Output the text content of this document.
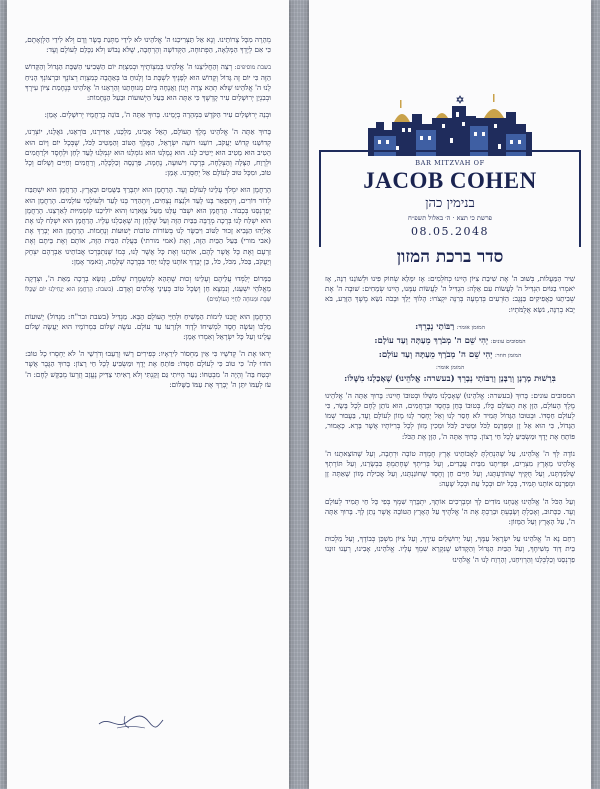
מְהֵרָה מִכָּל צָרוֹתֵינוּ. וְנָא אַל תַּצְרִיכֵנוּ ה' אֱלֹהֵינוּ לֹא לִידֵי מַתְּנַת בָּשָׂר וָדָם וְלֹא לִידֵי הַלְוָאָתָם, כִּי אִם לְיָדְךָ הַמְּלֵאָה, הַפְּתוּחָה, הַקְּדוֹשָׁה וְהָרְחָבָה, שֶׁלֹּא נֵבוֹשׁ וְלֹא נִכָּלֵם לְעוֹלָם וָעֶד:

בשבת מוסיפים: רְצֵה וְהַחֲלִיצֵנוּ ה' אֱלֹהֵינוּ בְּמִצְוֹתֶיךָ וּבְמִצְוַת יוֹם הַשְּׁבִיעִי הַשַּׁבָּת הַגָּדוֹל וְהַקָּדוֹשׁ הַזֶּה כִּי יוֹם זֶה גָּדוֹל וְקָדוֹשׁ הוּא לְפָנֶיךָ לִשְׁבָּת בּוֹ וְלָנוּחַ בּוֹ בְּאַהֲבָה כְּמִצְוַת רְצוֹנֶךָ וּבִרְצוֹנְךָ הָנִיחַ לָנוּ ה' אֱלֹהֵינוּ שֶׁלֹּא תְהֵא צָרָה וְיָגוֹן וַאֲנָחָה בְּיוֹם מְנוּחָתֵנוּ וְהַרְאֵנוּ ה' אֱלֹהֵינוּ בְּנֶחָמַת צִיּוֹן עִירֶךָ וּבְבִנְיַן יְרוּשָׁלַיִם עִיר קָדְשֶׁךָ כִּי אַתָּה הוּא בַּעַל הַיְשׁוּעוֹת וּבַעַל הַנֶּחָמוֹת:

וּבְנֵה יְרוּשָׁלַיִם עִיר הַקֹּדֶשׁ בִּמְהֵרָה בְיָמֵינוּ. בָּרוּךְ אַתָּה ה', בּוֹנֵה בְרַחֲמָיו יְרוּשָׁלָיִם. אָמֵן:

בָּרוּךְ אַתָּה ה' אֱלֹהֵינוּ מֶלֶךְ הָעוֹלָם, הָאֵל אָבִינוּ, מַלְכֵּנוּ, אַדִּירֵנוּ, בּוֹרְאֵנוּ, גֹּאֲלֵנוּ, יוֹצְרֵנוּ, קְדוֹשֵׁנוּ קְדוֹשׁ יַעֲקֹב, רוֹעֵנוּ רוֹעֵה יִשְׂרָאֵל, הַמֶּלֶךְ הַטּוֹב וְהַמֵּטִיב לַכֹּל, שֶׁבְּכָל יוֹם וָיוֹם הוּא הֵטִיב הוּא מֵטִיב הוּא יֵיטִיב לָנוּ. הוּא גְמָלָנוּ הוּא גוֹמְלֵנוּ הוּא יִגְמְלֵנוּ לָעַד לְחֵן וּלְחֶסֶד וּלְרַחֲמִים וּלְרֶוַח, הַצָּלָה וְהַצְלָחָה, בְּרָכָה וִישׁוּעָה, נֶחָמָה, פַּרְנָסָה וְכַלְכָּלָה, וְרַחֲמִים וְחַיִּים וְשָׁלוֹם וְכָל טוֹב, וּמִכָּל טוּב לְעוֹלָם אַל יְחַסְּרֵנוּ. אָמֵן:

הָרַחֲמָן הוּא יִמְלֹךְ עָלֵינוּ לְעוֹלָם וָעֶד. הָרַחֲמָן הוּא יִתְבָּרַךְ בַּשָּׁמַיִם וּבָאָרֶץ. הָרַחֲמָן הוּא יִשְׁתַּבַּח לְדוֹר דּוֹרִים, וְיִתְפָּאַר בָּנוּ לָעַד וּלְנֵצַח נְצָחִים, וְיִתְהַדַּר בָּנוּ לָעַד וּלְעוֹלְמֵי עוֹלָמִים. הָרַחֲמָן הוּא יְפַרְנְסֵנוּ בְּכָבוֹד. הָרַחֲמָן הוּא יִשְׁבֹּר עֻלֵּנוּ מֵעַל צַוָּארֵנוּ וְהוּא יוֹלִיכֵנוּ קוֹמְמִיּוּת לְאַרְצֵנוּ. הָרַחֲמָן הוּא יִשְׁלַח לָנוּ בְּרָכָה מְרֻבָּה בַּבַּיִת הַזֶּה וְעַל שֻׁלְחָן זֶה שֶׁאָכַלְנוּ עָלָיו. הָרַחֲמָן הוּא יִשְׁלַח לָנוּ אֶת אֵלִיָּהוּ הַנָּבִיא זָכוּר לַטּוֹב וִיבַשֶּׂר לָנוּ בְּשׂוֹרוֹת טוֹבוֹת יְשׁוּעוֹת וְנֶחָמוֹת. הָרַחֲמָן הוּא יְבָרֵךְ אֶת (אבי מורי) בַּעַל הַבַּיִת הַזֶּה, וְאֶת (אמי מורתי) בַּעֲלַת הַבַּיִת הַזֶּה, אוֹתָם וְאֶת בֵּיתָם וְאֶת זַרְעָם וְאֶת כָּל אֲשֶׁר לָהֶם, אוֹתָנוּ וְאֶת כָּל אֲשֶׁר לָנוּ, כְּמוֹ שֶׁנִּתְבָּרְכוּ אֲבוֹתֵינוּ אַבְרָהָם יִצְחָק וְיַעֲקֹב, בַּכֹּל, מִכֹּל, כֹּל, כֵּן יְבָרֵךְ אוֹתָנוּ כֻּלָּנוּ יַחַד בִּבְרָכָה שְׁלֵמָה, וְנֹאמַר אָמֵן:

בַּמָּרוֹם יְלַמְּדוּ עֲלֵיהֶם וְעָלֵינוּ זְכוּת שֶׁתְּהֵא לְמִשְׁמֶרֶת שָׁלוֹם, וְנִשָּׂא בְרָכָה מֵאֵת ה', וּצְדָקָה מֵאֱלֹהֵי יִשְׁעֵנוּ, וְנִמְצָא חֵן וְשֵׂכֶל טוֹב בְּעֵינֵי אֱלֹהִים וְאָדָם. (בשבת: הָרַחֲמָן הוּא יַנְחִילֵנוּ יוֹם שֶׁכֻּלּוֹ שַׁבָּת וּמְנוּחָה לְחַיֵּי הָעוֹלָמִים)

הָרַחֲמָן הוּא יְזַכֵּנוּ לִימוֹת הַמָּשִׁיחַ וּלְחַיֵּי הָעוֹלָם הַבָּא. מַגְדִּיל (בשבת ובר"ח: מִגְדּוֹל) יְשׁוּעוֹת מַלְכּוֹ וְעֹשֶׂה חֶסֶד לִמְשִׁיחוֹ לְדָוִד וּלְזַרְעוֹ עַד עוֹלָם. עֹשֶׂה שָׁלוֹם בִּמְרוֹמָיו הוּא יַעֲשֶׂה שָׁלוֹם עָלֵינוּ וְעַל כָּל יִשְׂרָאֵל וְאִמְרוּ אָמֵן:

יְראוּ אֶת ה' קְדֹשָׁיו כִּי אֵין מַחְסוֹר לִירֵאָיו: כְּפִירִים רָשׁוּ וְרָעֵבוּ וְדֹרְשֵׁי ה' לֹא יַחְסְרוּ כָל טוֹב: הוֹדוּ לַה' כִּי טוֹב כִּי לְעוֹלָם חַסְדּוֹ: פּוֹתֵחַ אֶת יָדֶךָ וּמַשְׂבִּיעַ לְכָל חַי רָצוֹן: בָּרוּךְ הַגֶּבֶר אֲשֶׁר יִבְטַח בַּה' וְהָיָה ה' מִבְטַחוֹ: נַעַר הָיִיתִי גַּם זָקַנְתִּי וְלֹא רָאִיתִי צַדִּיק נֶעֱזָב וְזַרְעוֹ מְבַקֶּשׁ לָחֶם: ה' עֹז לְעַמּוֹ יִתֵּן ה' יְבָרֵךְ אֶת עַמּוֹ בַשָּׁלוֹם:

BAR MITZVAH OF
JACOB COHEN
בנימין כהן
פרשת כי תצא · ה׳ באלול תשפ״ח
08.05.2048
סדר ברכת המזון

שִׁיר הַמַּעֲלוֹת, בְּשׁוּב ה' אֶת שִׁיבַת צִיּוֹן הָיִינוּ כְּחֹלְמִים: אָז יִמָּלֵא שְׂחוֹק פִּינוּ וּלְשׁוֹנֵנוּ רִנָּה, אָז יֹאמְרוּ בַגּוֹיִם הִגְדִּיל ה' לַעֲשׂוֹת עִם אֵלֶּה: הִגְדִּיל ה' לַעֲשׂוֹת עִמָּנוּ, הָיִינוּ שְׂמֵחִים: שׁוּבָה ה' אֶת שְׁבִיתֵנוּ כַּאֲפִיקִים בַּנֶּגֶב: הַזֹּרְעִים בְּדִמְעָה בְּרִנָּה יִקְצֹרוּ: הָלוֹךְ יֵלֵךְ וּבָכֹה נֹשֵׂא מֶשֶׁךְ הַזָּרַע, בֹּא יָבֹא בְרִנָּה, נֹשֵׂא אֲלֻמֹּתָיו:

המזמן אומר: רַבּוֹתַי נְבָרֵךְ:
המסובים עונים: יְהִי שֵׁם ה' מְבֹרָךְ מֵעַתָּה וְעַד עוֹלָם:
המזמן חוזר: יְהִי שֵׁם ה' מְבֹרָךְ מֵעַתָּה וְעַד עוֹלָם:
המזמן אומר:
בִּרְשׁוּת מָרָנָן וְרַבָּנָן וְרַבּוֹתַי נְבָרֵךְ (בעשרה: אֱלֹהֵינוּ) שֶׁאָכַלְנוּ מִשֶּׁלּוֹ:

המסובים עונים: בָּרוּךְ (בעשרה: אֱלֹהֵינוּ) שֶׁאָכַלְנוּ מִשֶּׁלּוֹ וּבְטוּבוֹ חָיִינוּ: בָּרוּךְ אַתָּה ה' אֱלֹהֵינוּ מֶלֶךְ הָעוֹלָם, הַזָּן אֶת הָעוֹלָם כֻּלּוֹ, בְּטוּבוֹ בְּחֵן בְּחֶסֶד וּבְרַחֲמִים, הוּא נוֹתֵן לֶחֶם לְכָל בָּשָׂר, כִּי לְעוֹלָם חַסְדּוֹ. וּבְטוּבוֹ הַגָּדוֹל תָּמִיד לֹא חָסַר לָנוּ וְאַל יֶחְסַר לָנוּ מָזוֹן לְעוֹלָם וָעֶד, בַּעֲבוּר שְׁמוֹ הַגָּדוֹל, כִּי הוּא אֵל זָן וּמְפַרְנֵס לַכֹּל וּמֵטִיב לַכֹּל וּמֵכִין מָזוֹן לְכָל בְּרִיּוֹתָיו אֲשֶׁר בָּרָא. כָּאָמוּר, פּוֹתֵחַ אֶת יָדֶךָ וּמַשְׂבִּיעַ לְכָל חַי רָצוֹן. בָּרוּךְ אַתָּה ה', הַזָּן אֶת הַכֹּל:

נוֹדֶה לְּךָ ה' אֱלֹהֵינוּ, עַל שֶׁהִנְחַלְתָּ לַאֲבוֹתֵינוּ אֶרֶץ חֶמְדָּה טוֹבָה וּרְחָבָה, וְעַל שֶׁהוֹצֵאתָנוּ ה' אֱלֹהֵינוּ מֵאֶרֶץ מִצְרַיִם, וּפְדִיתָנוּ מִבֵּית עֲבָדִים, וְעַל בְּרִיתְךָ שֶׁחָתַמְתָּ בִּבְשָׂרֵנוּ, וְעַל תּוֹרָתְךָ שֶׁלִּמַּדְתָּנוּ, וְעַל חֻקֶּיךָ שֶׁהוֹדַעְתָּנוּ, וְעַל חַיִּים חֵן וָחֶסֶד שֶׁחוֹנַנְתָּנוּ, וְעַל אֲכִילַת מָזוֹן שָׁאַתָּה זָן וּמְפַרְנֵס אוֹתָנוּ תָּמִיד, בְּכָל יוֹם וּבְכָל עֵת וּבְכָל שָׁעָה:

וְעַל הַכֹּל ה' אֱלֹהֵינוּ אֲנַחְנוּ מוֹדִים לָךְ וּמְבָרְכִים אוֹתָךְ, יִתְבָּרַךְ שִׁמְךָ בְּפִי כָּל חַי תָּמִיד לְעוֹלָם וָעֶד. כַּכָּתוּב, וְאָכַלְתָּ וְשָׂבָעְתָּ וּבֵרַכְתָּ אֶת ה' אֱלֹהֶיךָ עַל הָאָרֶץ הַטּוֹבָה אֲשֶׁר נָתַן לָךְ. בָּרוּךְ אַתָּה ה', עַל הָאָרֶץ וְעַל הַמָּזוֹן:

רַחֵם נָא ה' אֱלֹהֵינוּ עַל יִשְׂרָאֵל עַמֶּךָ, וְעַל יְרוּשָׁלַיִם עִירֶךָ, וְעַל צִיּוֹן מִשְׁכַּן כְּבוֹדֶךָ, וְעַל מַלְכוּת בֵּית דָּוִד מְשִׁיחֶךָ, וְעַל הַבַּיִת הַגָּדוֹל וְהַקָּדוֹשׁ שֶׁנִּקְרָא שִׁמְךָ עָלָיו. אֱלֹהֵינוּ, אָבִינוּ, רְעֵנוּ זוּנֵנוּ פַרְנְסֵנוּ וְכַלְכְּלֵנוּ וְהַרְוִיחֵנוּ, וְהַרְוַח לָנוּ ה' אֱלֹהֵינוּ
